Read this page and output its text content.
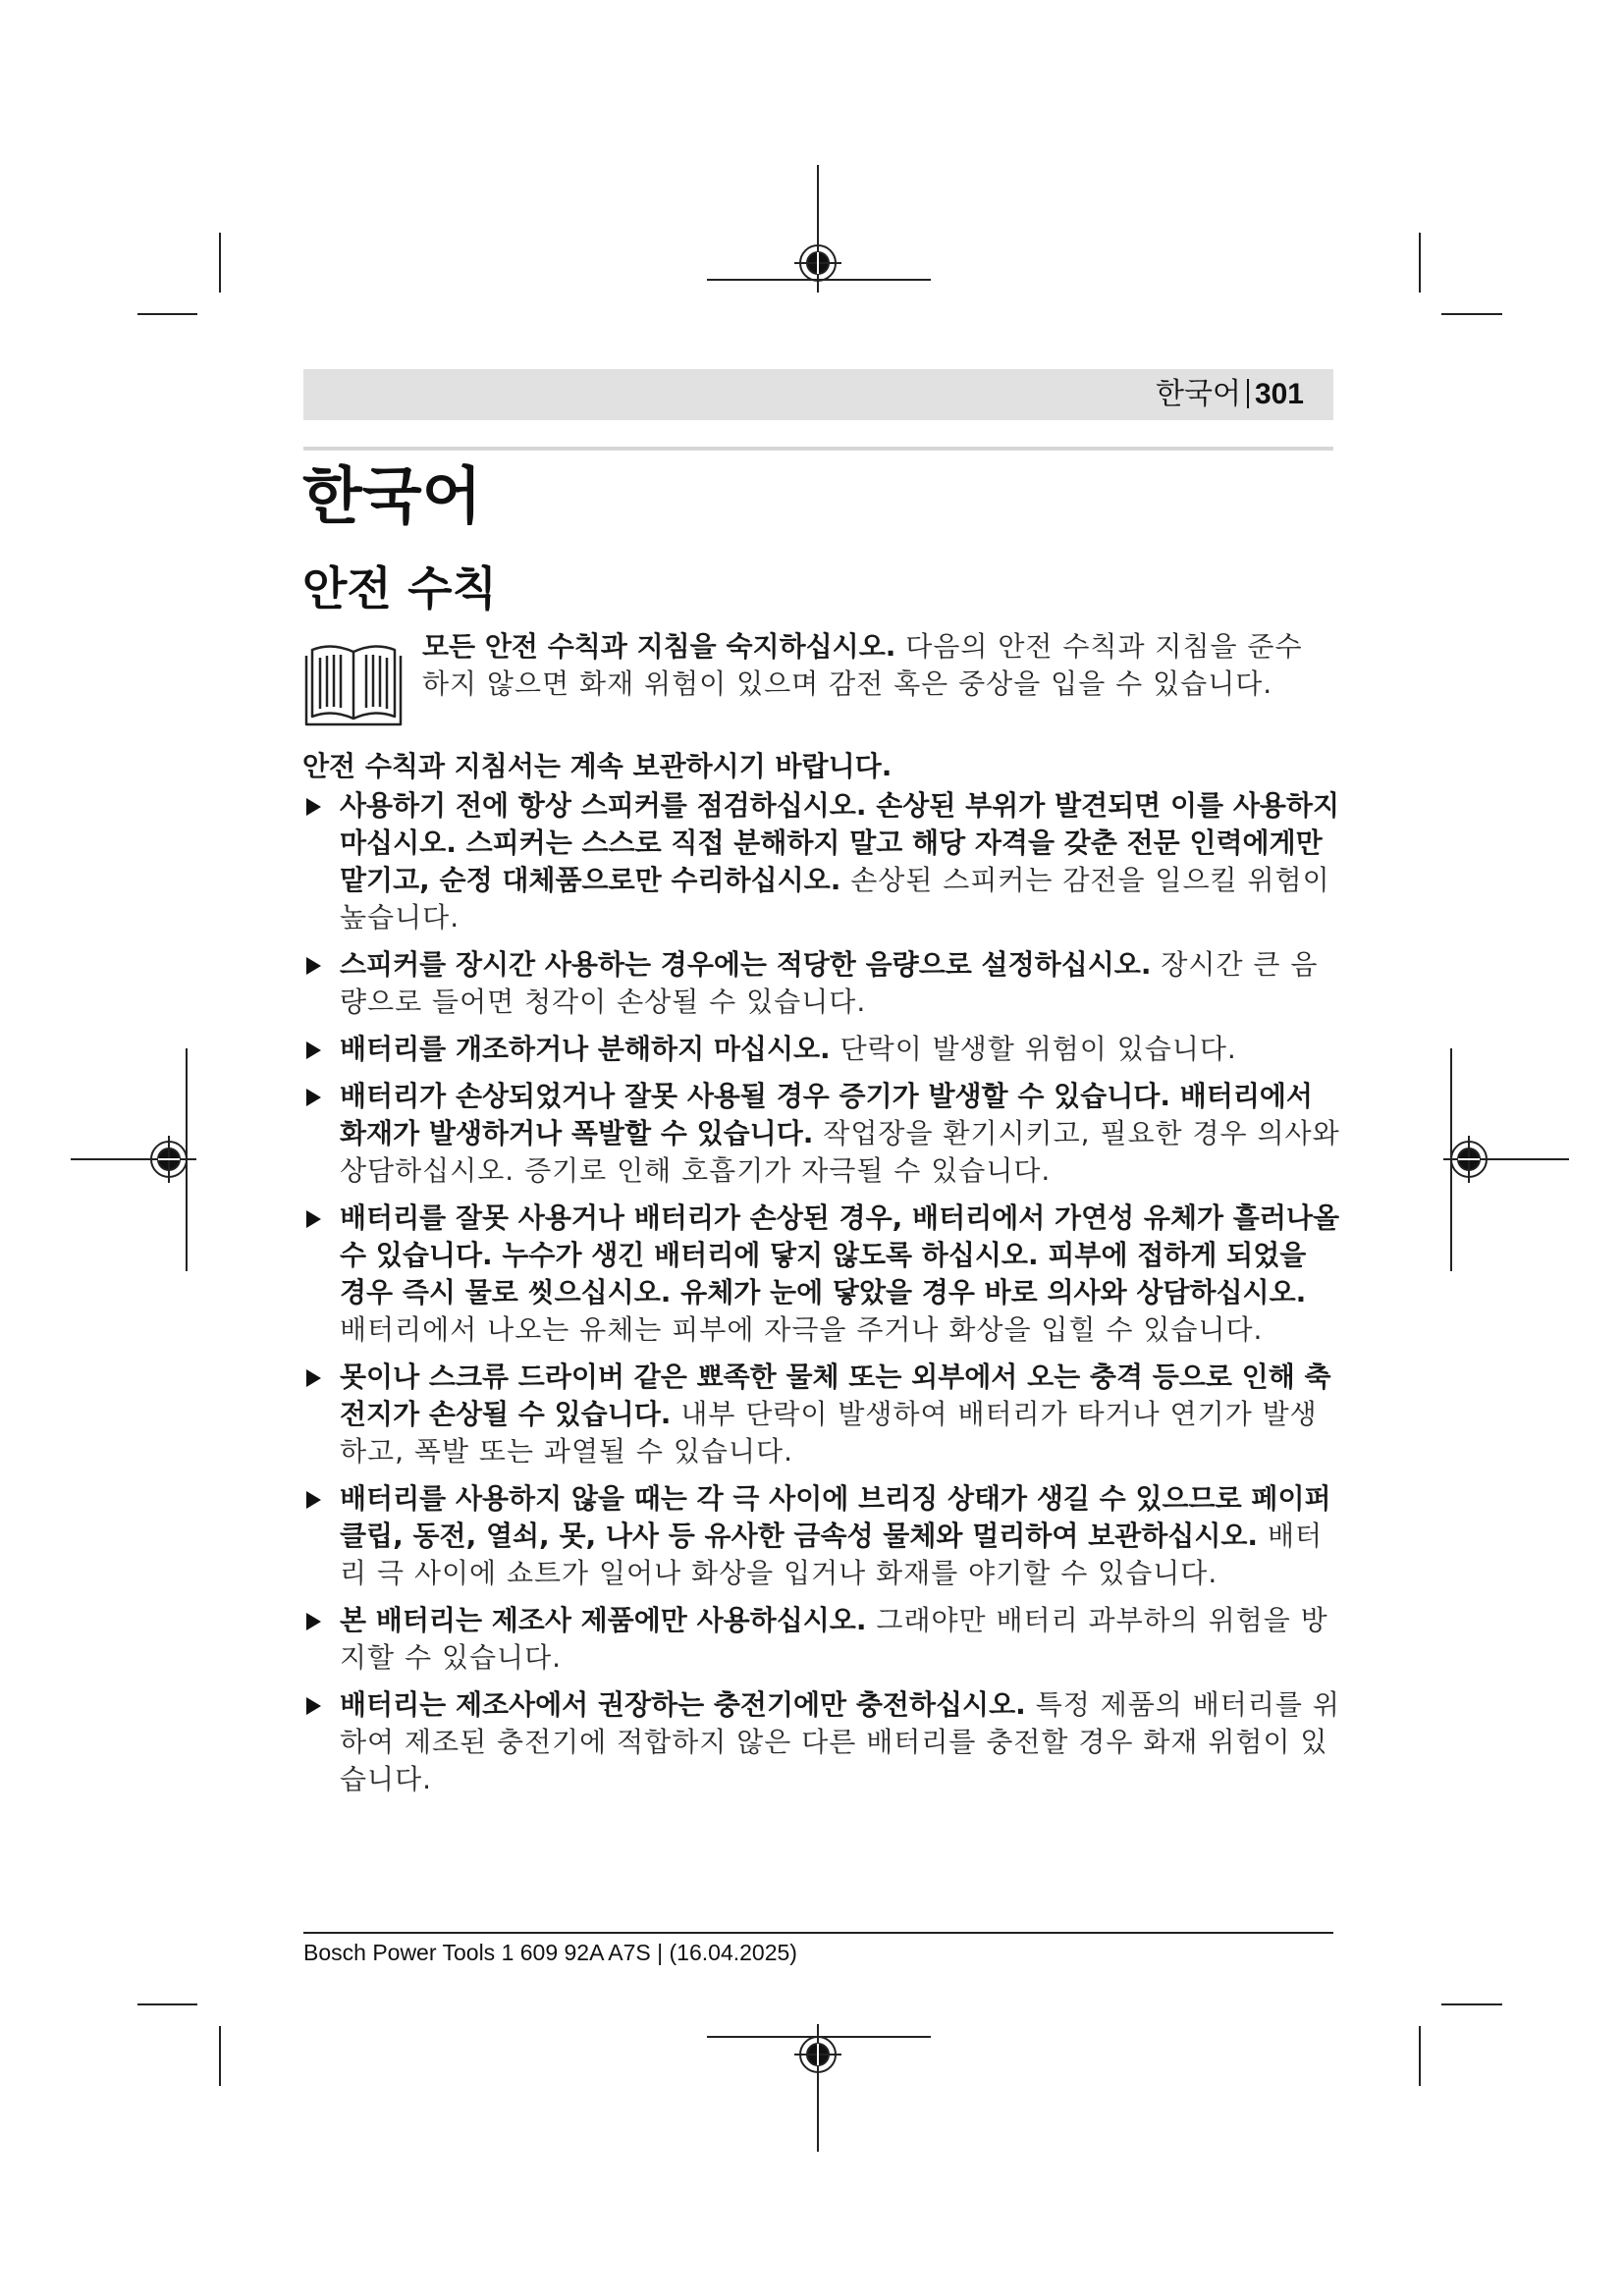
한국어 301
한국어
안전 수칙

모든 안전 수칙과 지침을 숙지하십시오. 다음의 안전 수칙과 지침을 준수하지 않으면 화재 위험이 있으며 감전 혹은 중상을 입을 수 있습니다.

안전 수칙과 지침서는 계속 보관하시기 바랍니다.

사용하기 전에 항상 스피커를 점검하십시오. 손상된 부위가 발견되면 이를 사용하지 마십시오. 스피커는 스스로 직접 분해하지 말고 해당 자격을 갖춘 전문 인력에게만 맡기고, 순정 대체품으로만 수리하십시오. 손상된 스피커는 감전을 일으킬 위험이 높습니다.
스피커를 장시간 사용하는 경우에는 적당한 음량으로 설정하십시오. 장시간 큰 음량으로 들어면 청각이 손상될 수 있습니다.
배터리를 개조하거나 분해하지 마십시오. 단락이 발생할 위험이 있습니다.
배터리가 손상되었거나 잘못 사용될 경우 증기가 발생할 수 있습니다. 배터리에서 화재가 발생하거나 폭발할 수 있습니다. 작업장을 환기시키고, 필요한 경우 의사와 상담하십시오. 증기로 인해 호흡기가 자극될 수 있습니다.
배터리를 잘못 사용거나 배터리가 손상된 경우, 배터리에서 가연성 유체가 흘러나올 수 있습니다. 누수가 생긴 배터리에 닿지 않도록 하십시오. 피부에 접하게 되었을 경우 즉시 물로 씻으십시오. 유체가 눈에 닿았을 경우 바로 의사와 상담하십시오. 배터리에서 나오는 유체는 피부에 자극을 주거나 화상을 입힐 수 있습니다.
못이나 스크류 드라이버 같은 뾰족한 물체 또는 외부에서 오는 충격 등으로 인해 축전지가 손상될 수 있습니다. 내부 단락이 발생하여 배터리가 타거나 연기가 발생하고, 폭발 또는 과열될 수 있습니다.
배터리를 사용하지 않을 때는 각 극 사이에 브리징 상태가 생길 수 있으므로 페이퍼 클립, 동전, 열쇠, 못, 나사 등 유사한 금속성 물체와 멀리하여 보관하십시오. 배터리 극 사이에 쇼트가 일어나 화상을 입거나 화재를 야기할 수 있습니다.
본 배터리는 제조사 제품에만 사용하십시오. 그래야만 배터리 과부하의 위험을 방지할 수 있습니다.
배터리는 제조사에서 권장하는 충전기에만 충전하십시오. 특정 제품의 배터리를 위하여 제조된 충전기에 적합하지 않은 다른 배터리를 충전할 경우 화재 위험이 있습니다.
Bosch Power Tools 1 609 92A A7S | (16.04.2025)
